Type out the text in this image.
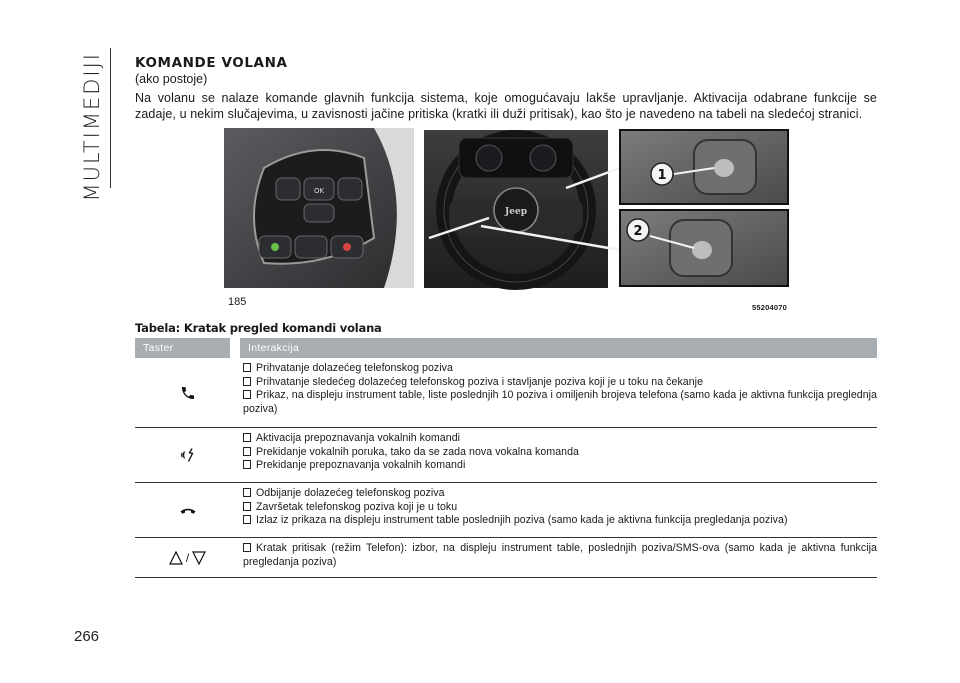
MULTIMEDIJI
266
KOMANDE VOLANA
(ako postoje)
Na volanu se nalaze komande glavnih funkcija sistema, koje omogućavaju lakše upravljanje. Aktivacija odabrane funkcije se zadaje, u nekim slučajevima, u zavisnosti jačine pritiska (kratki ili duži pritisak), kao što je navedeno na tabeli na sledećoj stranici.
OK
Jeep
1
2
185	55204070
Tabela: Kratak pregled komandi volana
Taster	Interakcija
Prihvatanje dolazećeg telefonskog poziva
Prihvatanje sledećeg dolazećeg telefonskog poziva i stavljanje poziva koji je u toku na čekanje
Prikaz, na displeju instrument table, liste poslednjih 10 poziva i omiljenih brojeva telefona (samo kada je aktivna funkcija preglednja poziva)
Aktivacija prepoznavanja vokalnih komandi
Prekidanje vokalnih poruka, tako da se zada nova vokalna komanda
Prekidanje prepoznavanja vokalnih komandi
Odbijanje dolazećeg telefonskog poziva
Završetak telefonskog poziva koji je u toku
Izlaz iz prikaza na displeju instrument table poslednjih poziva (samo kada je aktivna funkcija pregledanja poziva)
/
Kratak pritisak (režim Telefon): izbor, na displeju instrument table, poslednjih poziva/SMS-ova (samo kada je aktivna funkcija pregledanja poziva)
